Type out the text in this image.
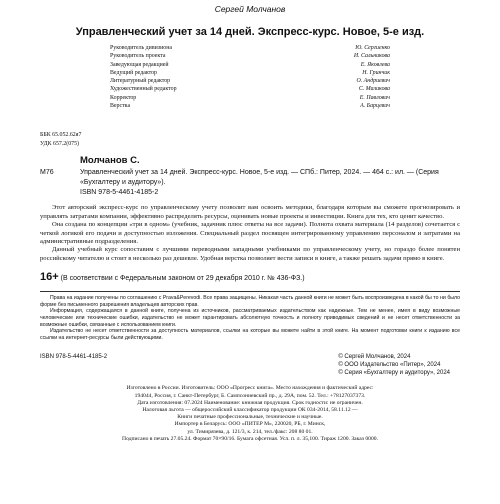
Сергей Молчанов
Управленческий учет за 14 дней. Экспресс-курс. Новое, 5-е изд.
Руководитель дивизиона	Ю. Сергиенко
Руководитель проекта	И. Сальникова
Заведующая редакцией	Е. Яковлева
Ведущий редактор	Н. Гринчик
Литературный редактор	О. Андриевич
Художественный редактор	С. Маликова
Корректор	Е. Павлович
Верстка	А. Барцевич
ББК 65.052.62я7
УДК 657.2(075)
Молчанов С.
М76	Управленческий учет за 14 дней. Экспресс-курс. Новое, 5-е изд. — СПб.: Питер, 2024. — 464 с.: ил. — (Серия «Бухгалтеру и аудитору»).
ISBN 978-5-4461-4185-2

Этот авторский экспресс-курс по управленческому учету позволит вам освоить методики, благодаря которым вы сможете прогнозировать и управлять затратами компании, эффективно распределять ресурсы, оценивать новые проекты и инвестиции. Книга для тех, кто ценит качество.

Она создана по концепции «три в одном» (учебник, задачник плюс ответы на все задачи). Полнота охвата материала (14 разделов) сочетается с четкой логикой его подачи и доступностью изложения. Специальный раздел посвящен интегрированному управлению персоналом и затратами на административные подразделения.

Данный учебный курс сопоставим с лучшими переводными западными учебниками по управленческому учету, но гораздо более понятен российскому читателю и стоит в несколько раз дешевле. Удобная верстка позволяет вести записи в книге, а также решать задачи прямо в книге.

16+ (В соответствии с Федеральным законом от 29 декабря 2010 г. № 436-ФЗ.)

Права на издание получены по соглашению с Prava&Perevodi. Все права защищены. Никакая часть данной книги не может быть воспроизведена в какой бы то ни было форме без письменного разрешения владельцев авторских прав.

Информация, содержащаяся в данной книге, получена из источников, рассматриваемых издательством как надежные. Тем не менее, имея в виду возможные человеческие или технические ошибки, издательство не может гарантировать абсолютную точность и полноту приводимых сведений и не несет ответственности за возможные ошибки, связанные с использованием книги.

Издательство не несет ответственности за доступность материалов, ссылки на которые вы можете найти в этой книге. На момент подготовки книги к изданию все ссылки на интернет-ресурсы были действующими.

ISBN 978-5-4461-4185-2
©	Сергей Молчанов, 2024
© ООО Издательство «Питер», 2024
© Серия «Бухгалтеру и аудитору», 2024
Изготовлено в России. Изготовитель: ООО «Прогресс книга». Место нахождения и фактический адрес:
194044, Россия, г. Санкт-Петербург, Б. Сампсониевский пр., д. 29А, пом. 52. Тел.: +78127037373.
Дата изготовления: 07.2024 Наименование: книжная продукция. Срок годности: не ограничен.
Налоговая льгота — общероссийский классификатор продукции ОК 034-2014, 58.11.12 —
Книги печатные профессиональные, технические и научные.
Импортер в Беларусь: ООО «ПИТЕР М», 220020, РБ, г. Минск,
ул. Тимирязева, д. 121/3, к. 214, тел./факс: 208 80 01.
Подписано в печать 27.05.24. Формат 70×90/16. Бумага офсетная. Усл. п. л. 35,100. Тираж 1200. Заказ 0000.
